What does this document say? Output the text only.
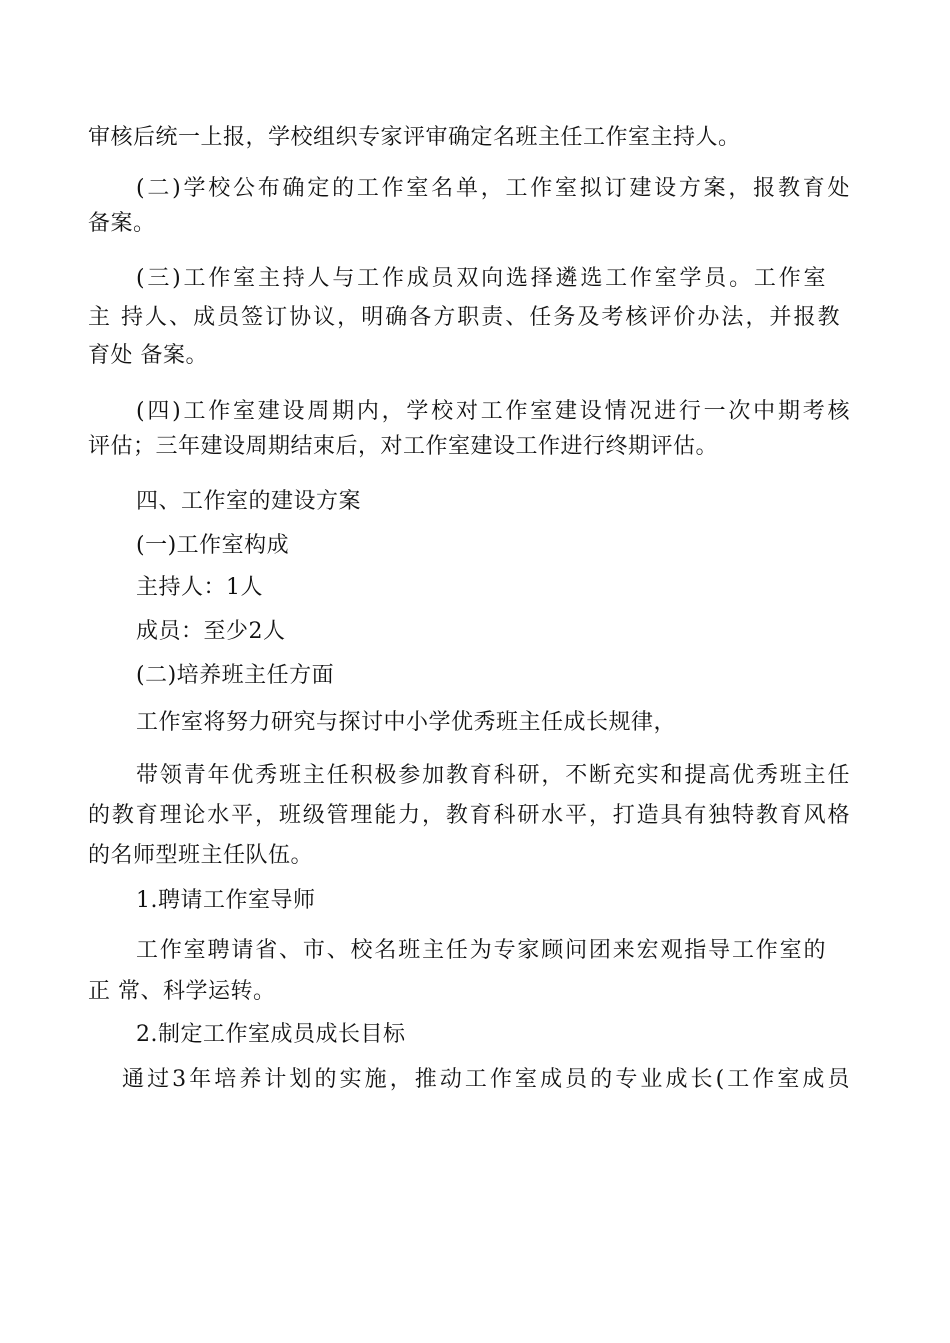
审核后统一上报，学校组织专家评审确定名班主任工作室主持人。
(二)学校公布确定的工作室名单，工作室拟订建设方案，报教育处
备案。
(三)工作室主持人与工作成员双向选择遴选工作室学员。工作室
主 持人、成员签订协议，明确各方职责、任务及考核评价办法，并报教
育处 备案。
(四)工作室建设周期内，学校对工作室建设情况进行一次中期考核
评估；三年建设周期结束后，对工作室建设工作进行终期评估。
四、工作室的建设方案
(一)工作室构成
主持人：1人
成员：至少2人
(二)培养班主任方面
工作室将努力研究与探讨中小学优秀班主任成长规律，
带领青年优秀班主任积极参加教育科研，不断充实和提高优秀班主任
的教育理论水平，班级管理能力，教育科研水平，打造具有独特教育风格
的名师型班主任队伍。
1.聘请工作室导师
工作室聘请省、市、校名班主任为专家顾问团来宏观指导工作室的
正 常、科学运转。
2.制定工作室成员成长目标
通过3年培养计划的实施，推动工作室成员的专业成长(工作室成员
